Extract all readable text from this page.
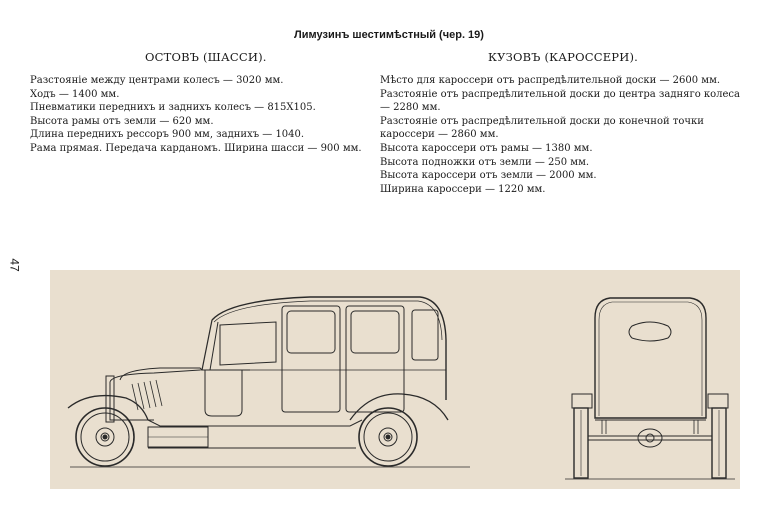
Лимузинъ шестимѣстный (чер. 19)
ОСТОВЪ (ШАССИ).	КУЗОВЪ (КАРОССЕРИ).
Разстояніе между центрами колесъ — 3020 мм.
Ходъ — 1400 мм.
Пневматики переднихъ и заднихъ колесъ — 815Х105.
Высота рамы отъ земли — 620 мм.
Длина переднихъ рессоръ 900 мм, заднихъ — 1040.
Рама прямая. Передача карданомъ. Ширина шасси — 900 мм.
Мѣсто для кароссери отъ распредѣлительной доски — 2600 мм.
Разстояніе отъ распредѣлительной доски до центра задняго колеса
— 2280 мм.
Разстояніе отъ распредѣлительной доски до конечной точки
кароссери — 2860 мм.
Высота кароссери отъ рамы — 1380 мм.
Высота подножки отъ земли — 250 мм.
Высота кароссери отъ земли — 2000 мм.
Ширина кароссери — 1220 мм.
47
